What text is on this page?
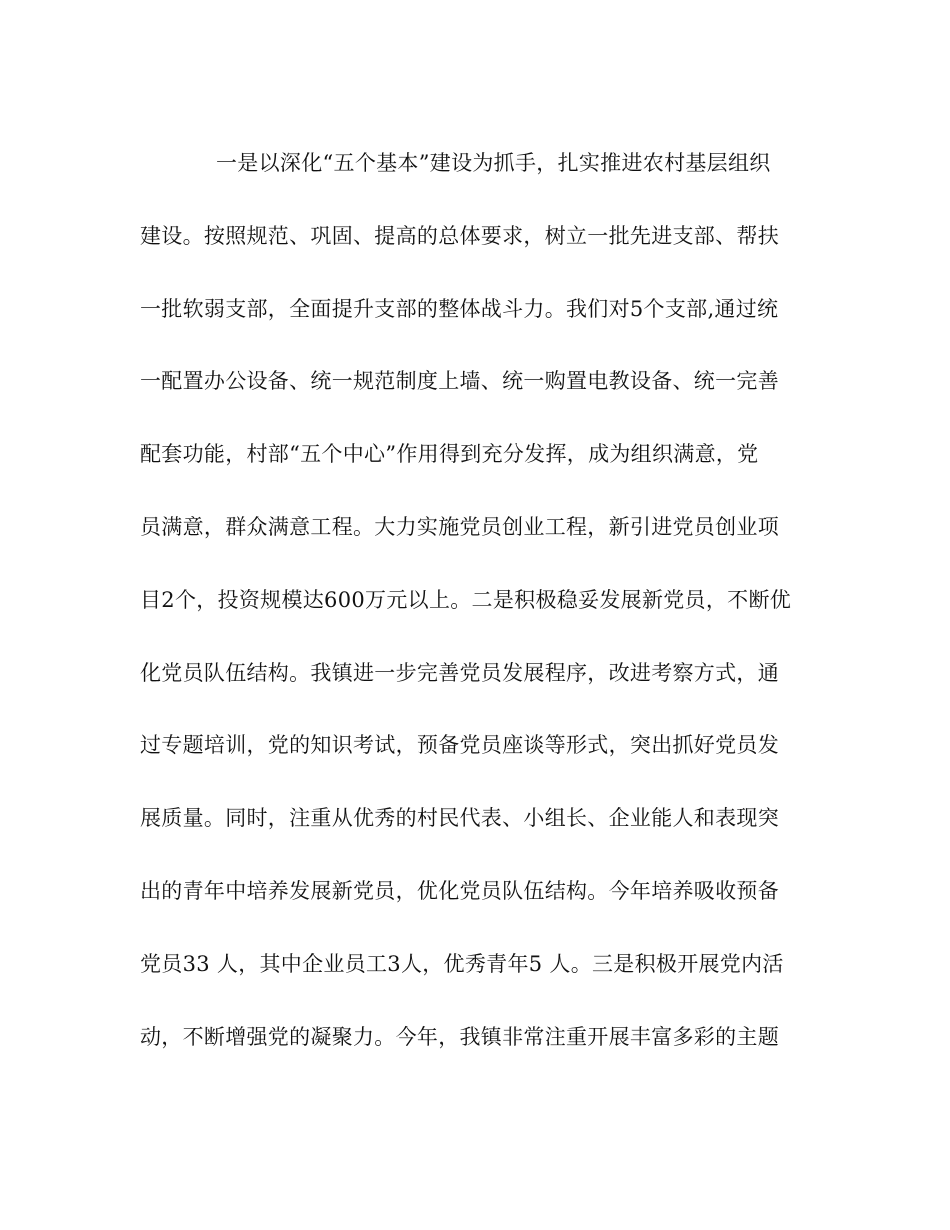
一是以深化“五个基本”建设为抓手，扎实推进农村基层组织
建设。按照规范、巩固、提高的总体要求，树立一批先进支部、帮扶
一批软弱支部，全面提升支部的整体战斗力。我们对5个支部,通过统
一配置办公设备、统一规范制度上墙、统一购置电教设备、统一完善
配套功能，村部“五个中心”作用得到充分发挥，成为组织满意，党
员满意，群众满意工程。大力实施党员创业工程，新引进党员创业项
目2个，投资规模达600万元以上。二是积极稳妥发展新党员，不断优
化党员队伍结构。我镇进一步完善党员发展程序，改进考察方式，通
过专题培训，党的知识考试，预备党员座谈等形式，突出抓好党员发
展质量。同时，注重从优秀的村民代表、小组长、企业能人和表现突
出的青年中培养发展新党员，优化党员队伍结构。今年培养吸收预备
党员33 人，其中企业员工3人，优秀青年5 人。三是积极开展党内活
动，不断增强党的凝聚力。今年，我镇非常注重开展丰富多彩的主题
